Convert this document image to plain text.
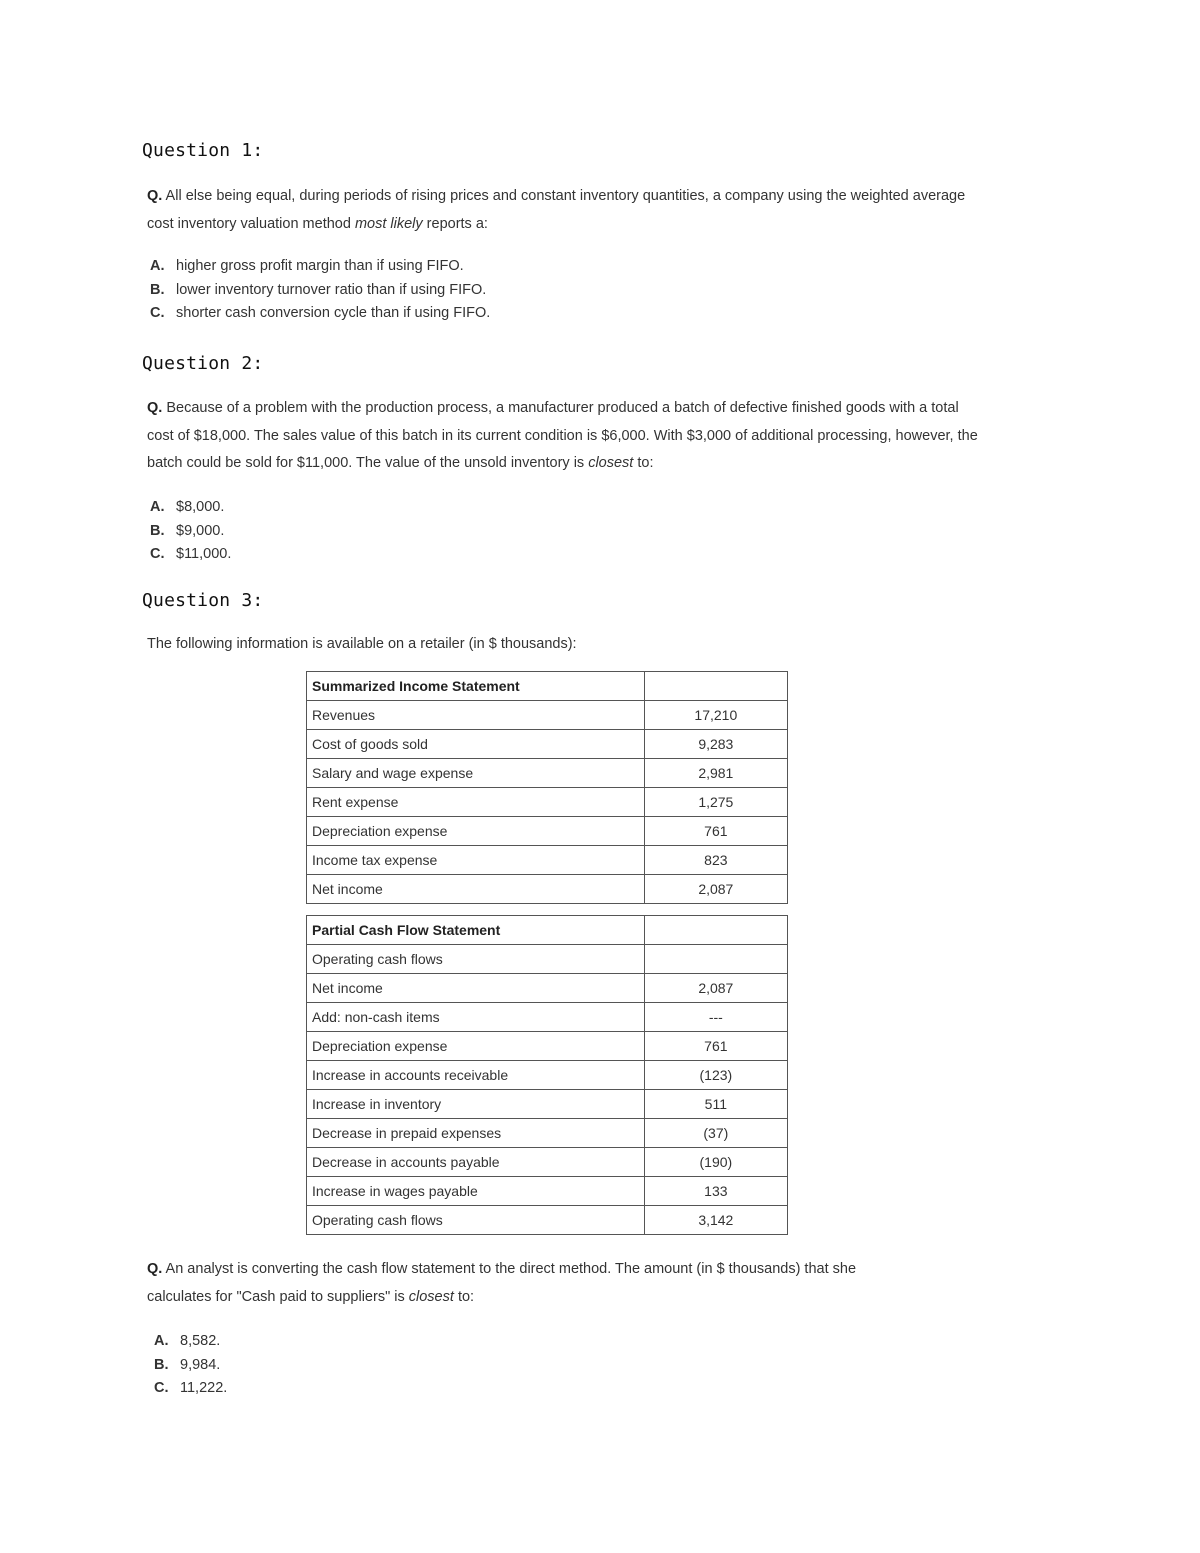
Question 1:

Q. All else being equal, during periods of rising prices and constant inventory quantities, a company using the weighted average cost inventory valuation method most likely reports a:

A. higher gross profit margin than if using FIFO.
B. lower inventory turnover ratio than if using FIFO.
C. shorter cash conversion cycle than if using FIFO.
Question 2:

Q. Because of a problem with the production process, a manufacturer produced a batch of defective finished goods with a total cost of $18,000. The sales value of this batch in its current condition is $6,000. With $3,000 of additional processing, however, the batch could be sold for $11,000. The value of the unsold inventory is closest to:

A. $8,000.
B. $9,000.
C. $11,000.
Question 3:

The following information is available on a retailer (in $ thousands):

Summarized Income Statement	
Revenues	17,210
Cost of goods sold	9,283
Salary and wage expense	2,981
Rent expense	1,275
Depreciation expense	761
Income tax expense	823
Net income	2,087
Partial Cash Flow Statement	
Operating cash flows	
Net income	2,087
Add: non-cash items	---
Depreciation expense	761
Increase in accounts receivable	(123)
Increase in inventory	511
Decrease in prepaid expenses	(37)
Decrease in accounts payable	(190)
Increase in wages payable	133
Operating cash flows	3,142

Q. An analyst is converting the cash flow statement to the direct method. The amount (in $ thousands) that she calculates for "Cash paid to suppliers" is closest to:

A. 8,582.
B. 9,984.
C. 11,222.
